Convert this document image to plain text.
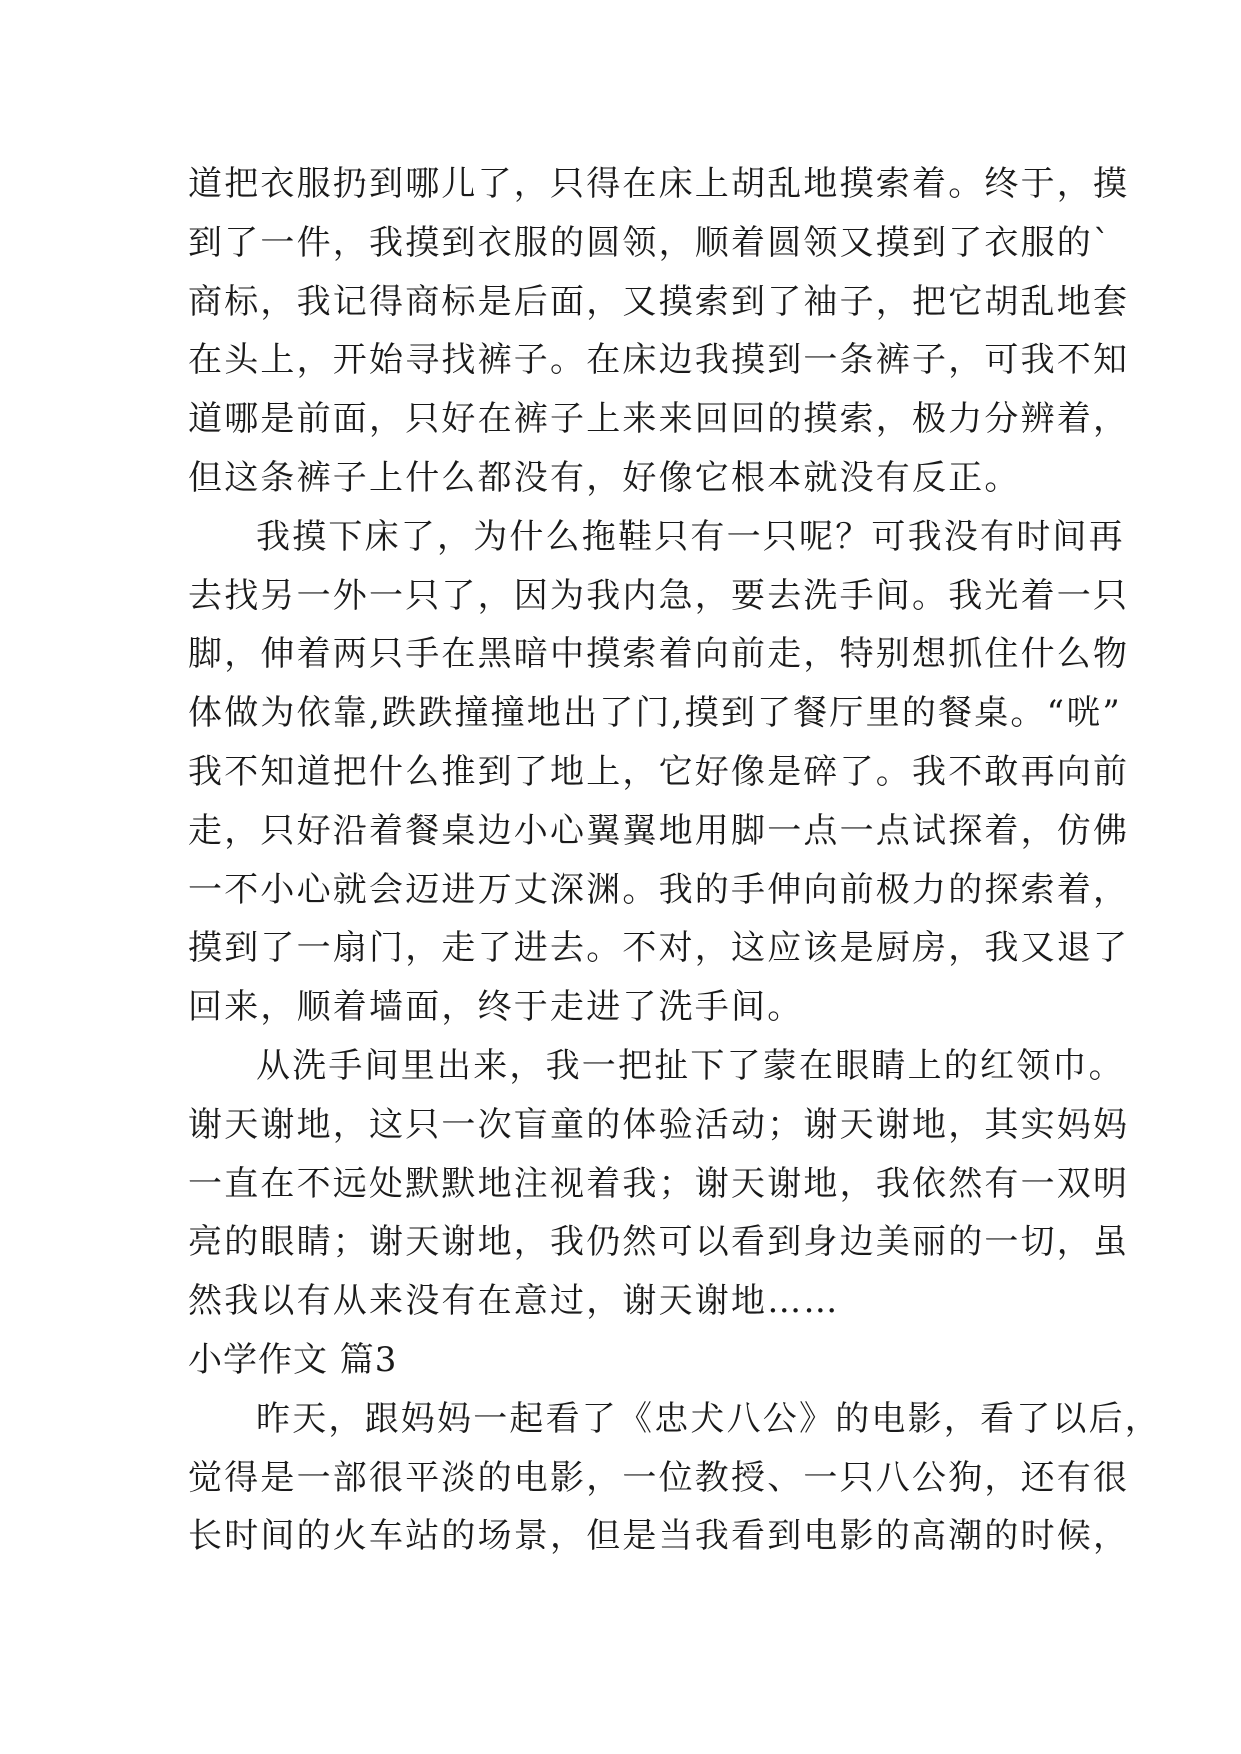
道把衣服扔到哪儿了，只得在床上胡乱地摸索着。终于，摸
到了一件，我摸到衣服的圆领，顺着圆领又摸到了衣服的`
商标，我记得商标是后面，又摸索到了袖子，把它胡乱地套
在头上，开始寻找裤子。在床边我摸到一条裤子，可我不知
道哪是前面，只好在裤子上来来回回的摸索，极力分辨着，
但这条裤子上什么都没有，好像它根本就没有反正。
我摸下床了，为什么拖鞋只有一只呢？可我没有时间再
去找另一外一只了，因为我内急，要去洗手间。我光着一只
脚，伸着两只手在黑暗中摸索着向前走，特别想抓住什么物
体做为依靠,跌跌撞撞地出了门,摸到了餐厅里的餐桌。“咣”
我不知道把什么推到了地上，它好像是碎了。我不敢再向前
走，只好沿着餐桌边小心翼翼地用脚一点一点试探着，仿佛
一不小心就会迈进万丈深渊。我的手伸向前极力的探索着，
摸到了一扇门，走了进去。不对，这应该是厨房，我又退了
回来，顺着墙面，终于走进了洗手间。
从洗手间里出来，我一把扯下了蒙在眼睛上的红领巾。
谢天谢地，这只一次盲童的体验活动；谢天谢地，其实妈妈
一直在不远处默默地注视着我；谢天谢地，我依然有一双明
亮的眼睛；谢天谢地，我仍然可以看到身边美丽的一切，虽
然我以有从来没有在意过，谢天谢地……
小学作文 篇3
昨天，跟妈妈一起看了《忠犬八公》的电影，看了以后，
觉得是一部很平淡的电影，一位教授、一只八公狗，还有很
长时间的火车站的场景，但是当我看到电影的高潮的时候，
